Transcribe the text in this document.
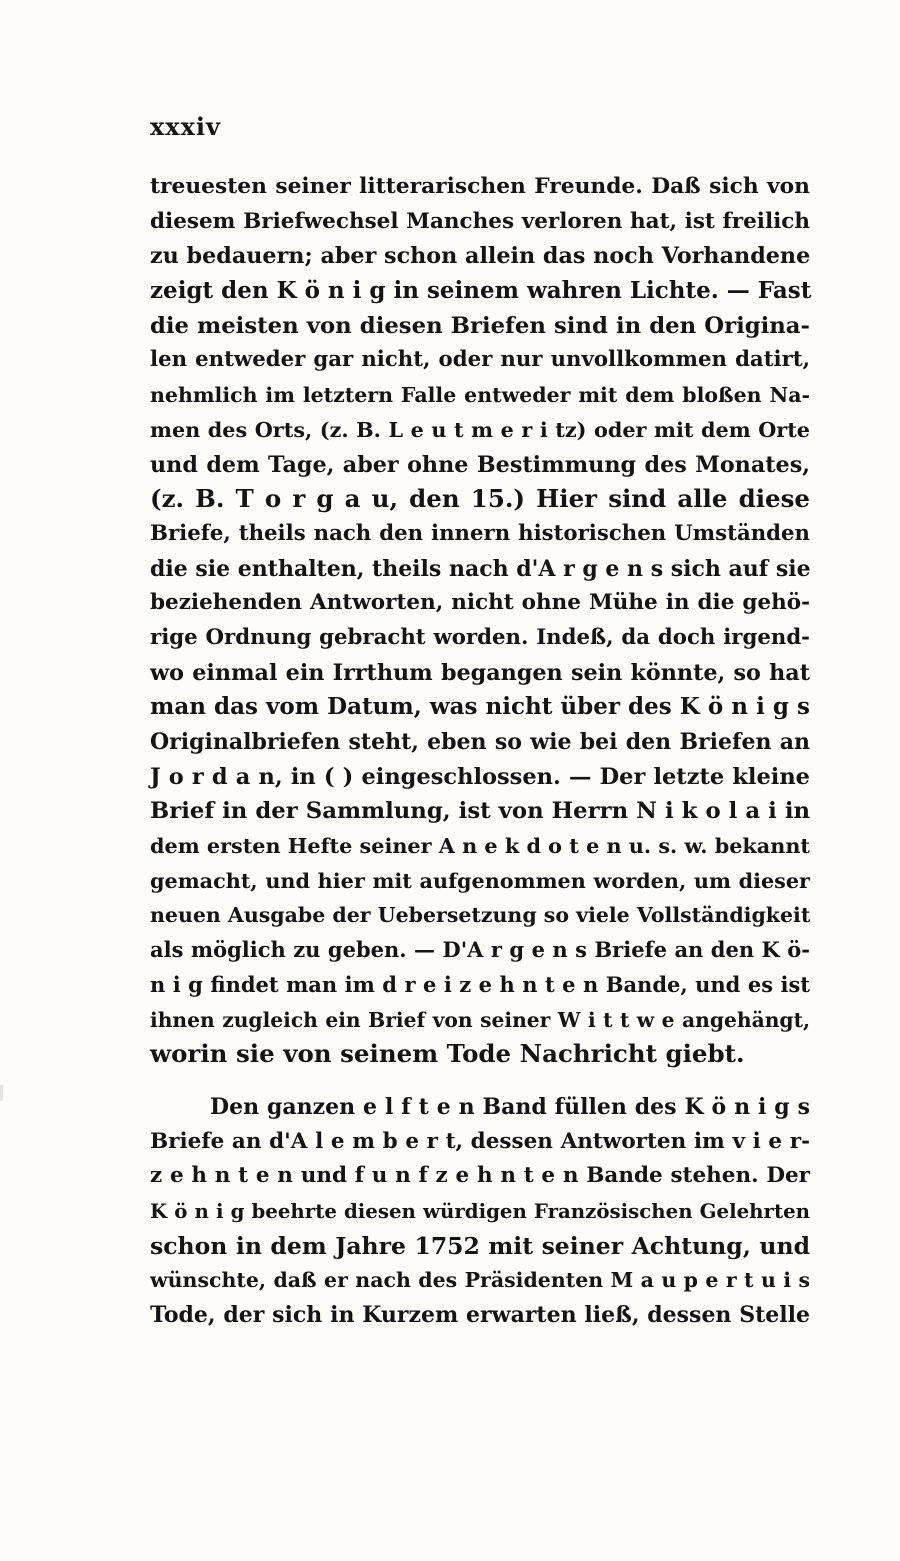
xxxiv
treuesten seiner litterarischen Freunde. Daß sich von
diesem Briefwechsel Manches verloren hat, ist freilich
zu bedauern; aber schon allein das noch Vorhandene
zeigt den K ö n i g in seinem wahren Lichte. — Fast
die meisten von diesen Briefen sind in den Origina-
len entweder gar nicht, oder nur unvollkommen datirt,
nehmlich im letztern Falle entweder mit dem bloßen Na-
men des Orts, (z. B. L e u t m e r i tz) oder mit dem Orte
und dem Tage, aber ohne Bestimmung des Monates,
(z. B. T o r g a u, den 15.) Hier sind alle diese
Briefe, theils nach den innern historischen Umständen
die sie enthalten, theils nach d'A r g e n s sich auf sie
beziehenden Antworten, nicht ohne Mühe in die gehö-
rige Ordnung gebracht worden. Indeß, da doch irgend-
wo einmal ein Irrthum begangen sein könnte, so hat
man das vom Datum, was nicht über des K ö n i g s
Originalbriefen steht, eben so wie bei den Briefen an
J o r d a n, in ( ) eingeschlossen. — Der letzte kleine
Brief in der Sammlung, ist von Herrn N i k o l a i in
dem ersten Hefte seiner A n e k d o t e n u. s. w. bekannt
gemacht, und hier mit aufgenommen worden, um dieser
neuen Ausgabe der Uebersetzung so viele Vollständigkeit
als möglich zu geben. — D'A r g e n s Briefe an den K ö-
n i g findet man im d r e i z e h n t e n Bande, und es ist
ihnen zugleich ein Brief von seiner W i t t w e angehängt,
worin sie von seinem Tode Nachricht giebt.
Den ganzen e l f t e n Band füllen des K ö n i g s
Briefe an d'A l e m b e r t, dessen Antworten im v i e r-
z e h n t e n und f u n f z e h n t e n Bande stehen. Der
K ö n i g beehrte diesen würdigen Französischen Gelehrten
schon in dem Jahre 1752 mit seiner Achtung, und
wünschte, daß er nach des Präsidenten M a u p e r t u i s
Tode, der sich in Kurzem erwarten ließ, dessen Stelle
